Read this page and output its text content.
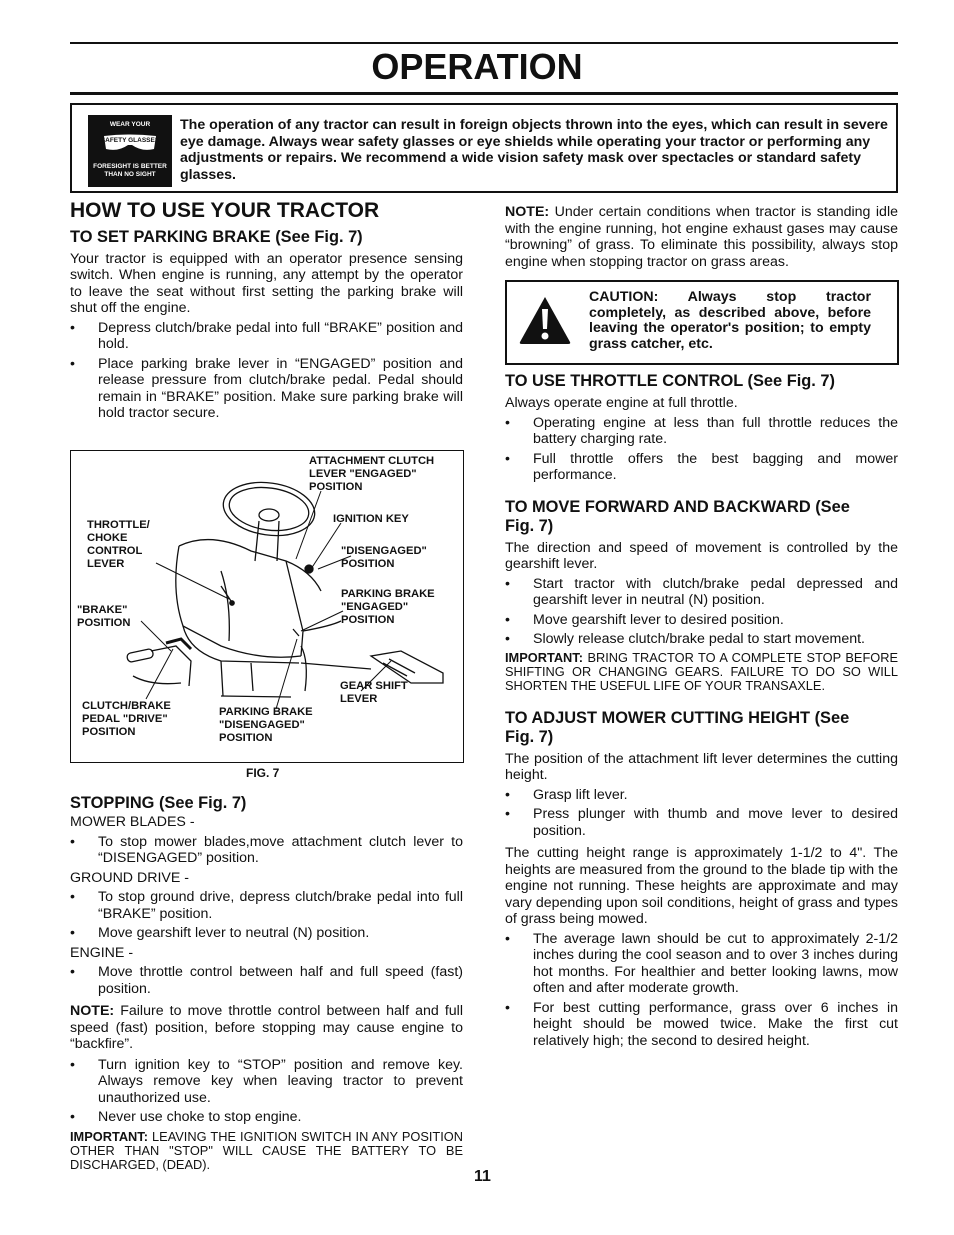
OPERATION
WEAR YOUR
SAFETY GLASSES
FORESIGHT IS BETTER
THAN NO SIGHT
The operation of any tractor can result in foreign objects thrown into the eyes, which can result in severe eye damage. Always wear safety glasses or eye shields while operating your tractor or performing any adjustments or repairs. We recommend a wide vision safety mask over spectacles or standard safety glasses.
HOW TO USE YOUR TRACTOR
TO SET PARKING BRAKE (See Fig. 7)

Your tractor is equipped with an operator presence sensing switch. When engine is running, any attempt by the operator to leave the seat without first setting the parking brake will shut off the engine.

• Depress clutch/brake pedal into full “BRAKE” position and hold.
• Place parking brake lever in “ENGAGED” position and release pressure from clutch/brake pedal. Pedal should remain in “BRAKE” position. Make sure parking brake will hold tractor secure.
ATTACHMENT CLUTCH LEVER "ENGAGED" POSITION
THROTTLE/ CHOKE CONTROL LEVER
IGNITION KEY
"DISENGAGED" POSITION
"BRAKE" POSITION
PARKING BRAKE "ENGAGED" POSITION
GEAR SHIFT LEVER
CLUTCH/BRAKE PEDAL "DRIVE" POSITION
PARKING BRAKE "DISENGAGED" POSITION
FIG. 7
STOPPING (See Fig. 7)

MOWER BLADES -

• To stop mower blades,move attachment clutch lever to “DISENGAGED” position.

GROUND DRIVE -

• To stop ground drive, depress clutch/brake pedal into full “BRAKE” position.
• Move gearshift lever to neutral (N) position.

ENGINE -

• Move throttle control between half and full speed (fast) position.

NOTE: Failure to move throttle control between half and full speed (fast) position, before stopping may cause engine to “backfire”.

• Turn ignition key to “STOP” position and remove key. Always remove key when leaving tractor to prevent unauthorized use.
• Never use choke to stop engine.

IMPORTANT: LEAVING THE IGNITION SWITCH IN ANY POSITION OTHER THAN "STOP" WILL CAUSE THE BATTERY TO BE DISCHARGED, (DEAD).

NOTE: Under certain conditions when tractor is standing idle with the engine running, hot engine exhaust gases may cause “browning” of grass. To eliminate this possibility, always stop engine when stopping tractor on grass areas.

CAUTION: Always stop tractor completely, as described above, before leaving the operator's position; to empty grass catcher, etc.
TO USE THROTTLE CONTROL (See Fig. 7)

Always operate engine at full throttle.

• Operating engine at less than full throttle reduces the battery charging rate.
• Full throttle offers the best bagging and mower performance.
TO MOVE FORWARD AND BACKWARD (See Fig. 7)

The direction and speed of movement is controlled by the gearshift lever.

• Start tractor with clutch/brake pedal depressed and gearshift lever in neutral (N) position.
• Move gearshift lever to desired position.
• Slowly release clutch/brake pedal to start movement.

IMPORTANT: BRING TRACTOR TO A COMPLETE STOP BEFORE SHIFTING OR CHANGING GEARS. FAILURE TO DO SO WILL SHORTEN THE USEFUL LIFE OF YOUR TRANSAXLE.

TO ADJUST MOWER CUTTING HEIGHT (See Fig. 7)

The position of the attachment lift lever determines the cutting height.

• Grasp lift lever.
• Press plunger with thumb and move lever to desired position.

The cutting height range is approximately 1-1/2 to 4". The heights are measured from the ground to the blade tip with the engine not running. These heights are approximate and may vary depending upon soil conditions, height of grass and types of grass being mowed.

• The average lawn should be cut to approximately 2-1/2 inches during the cool season and to over 3 inches during hot months. For healthier and better looking lawns, mow often and after moderate growth.
• For best cutting performance, grass over 6 inches in height should be mowed twice. Make the first cut relatively high; the second to desired height.
11
